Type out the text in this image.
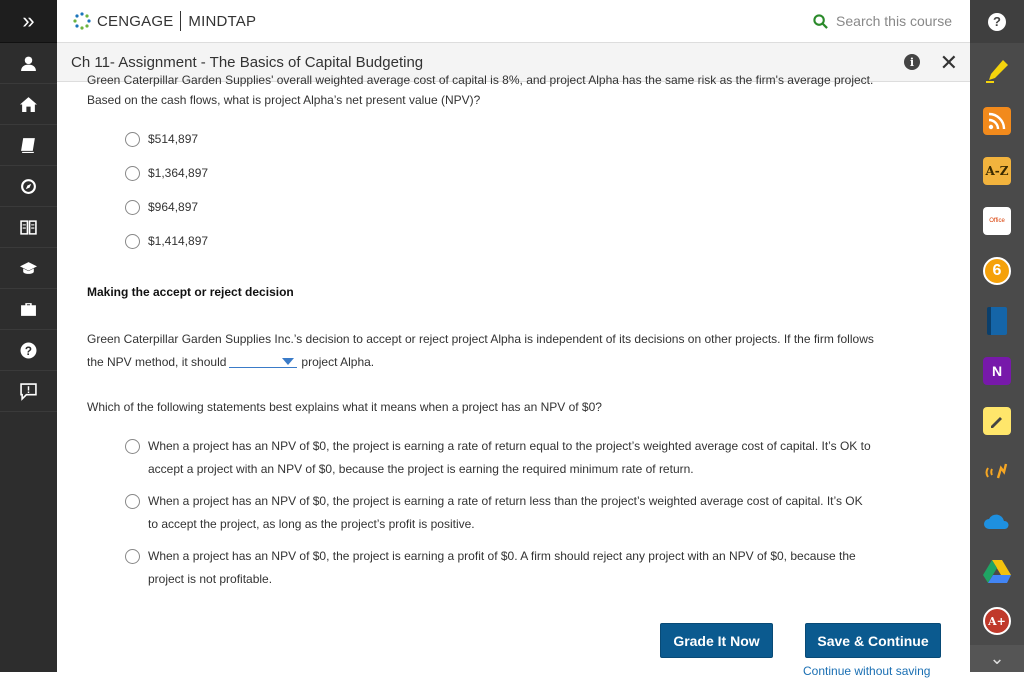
»
?
CENGAGE MINDTAP	Search this course
Ch 11- Assignment - The Basics of Capital Budgeting	i ✕
Green Caterpillar Garden Supplies' overall weighted average cost of capital is 8%, and project Alpha has the same risk as the firm's average project.
Based on the cash flows, what is project Alpha’s net present value (NPV)?
$514,897
$1,364,897
$964,897
$1,414,897
Making the accept or reject decision
Green Caterpillar Garden Supplies Inc.’s decision to accept or reject project Alpha is independent of its decisions on other projects. If the firm follows
the NPV method, it should	project Alpha.
Which of the following statements best explains what it means when a project has an NPV of $0?
When a project has an NPV of $0, the project is earning a rate of return equal to the project’s weighted average cost of capital. It’s OK to
accept a project with an NPV of $0, because the project is earning the required minimum rate of return.
When a project has an NPV of $0, the project is earning a rate of return less than the project’s weighted average cost of capital. It’s OK
to accept the project, as long as the project’s profit is positive.
When a project has an NPV of $0, the project is earning a profit of $0. A firm should reject any project with an NPV of $0, because the
project is not profitable.
Grade It Now	Save & Continue
Continue without saving
?
A-Z
Office
6
N
A+
⌄
